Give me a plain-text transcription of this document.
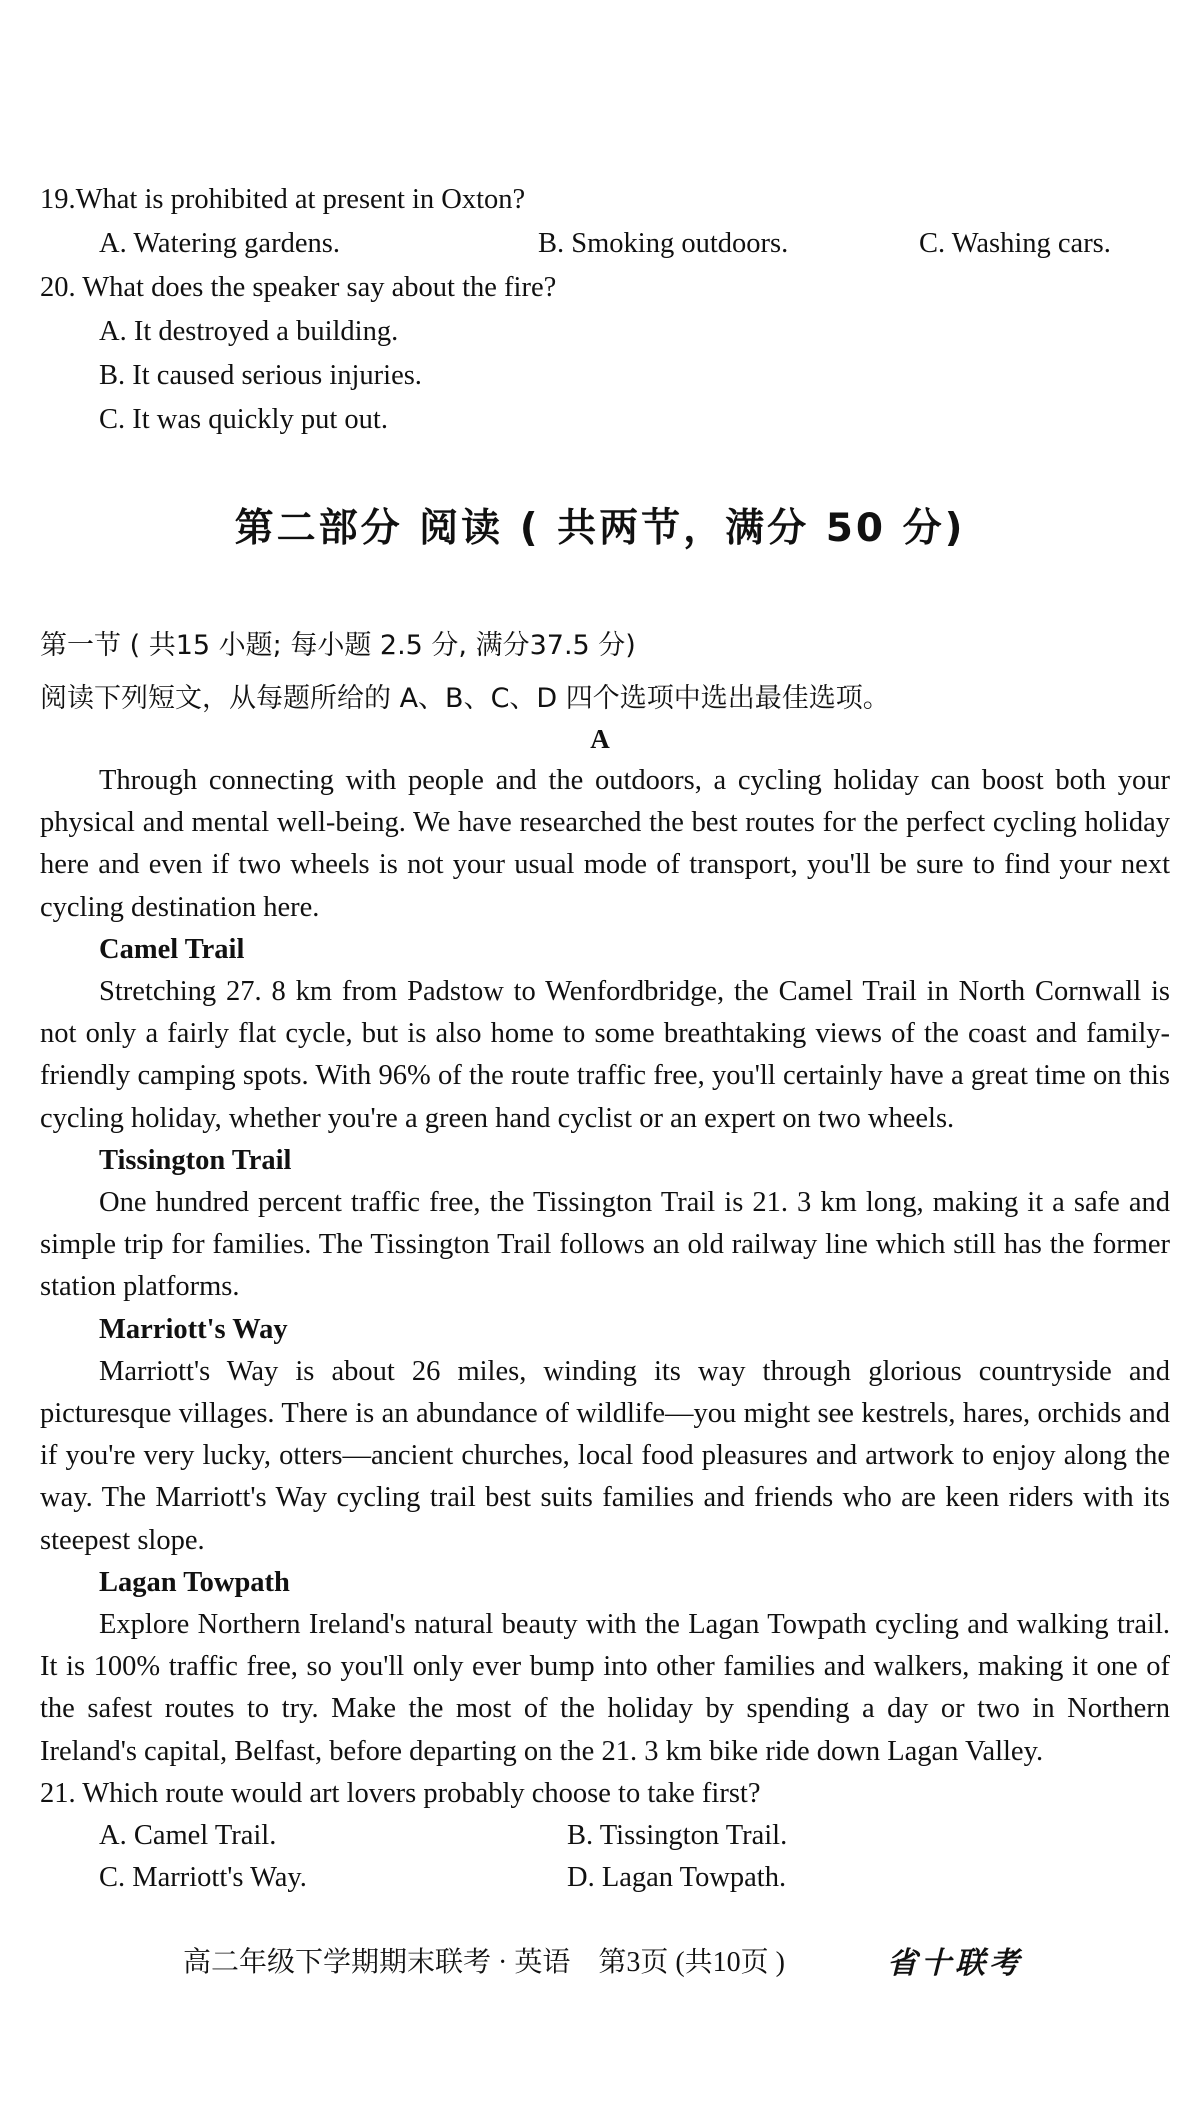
19.What is prohibited at present in Oxton?
A. Watering gardens.	B. Smoking outdoors.	C. Washing cars.
20. What does the speaker say about the fire?
A. It destroyed a building.
B. It caused serious injuries.
C. It was quickly put out.
第二部分 阅读 ( 共两节，满分 50 分)
第一节 ( 共15 小题; 每小题 2.5 分, 满分37.5 分)
阅读下列短文，从每题所给的 A、B、C、D 四个选项中选出最佳选项。
A

Through connecting with people and the outdoors, a cycling holiday can boost both your physical and mental well-being. We have researched the best routes for the perfect cycling holiday here and even if two wheels is not your usual mode of transport, you'll be sure to find your next cycling destination here.

Camel Trail

Stretching 27. 8 km from Padstow to Wenfordbridge, the Camel Trail in North Cornwall is not only a fairly flat cycle, but is also home to some breathtaking views of the coast and family-friendly camping spots. With 96% of the route traffic free, you'll certainly have a great time on this cycling holiday, whether you're a green hand cyclist or an expert on two wheels.

Tissington Trail

One hundred percent traffic free, the Tissington Trail is 21. 3 km long, making it a safe and simple trip for families. The Tissington Trail follows an old railway line which still has the former station platforms.

Marriott's Way

Marriott's Way is about 26 miles, winding its way through glorious countryside and picturesque villages. There is an abundance of wildlife—you might see kestrels, hares, orchids and if you're very lucky, otters—ancient churches, local food pleasures and artwork to enjoy along the way. The Marriott's Way cycling trail best suits families and friends who are keen riders with its steepest slope.

Lagan Towpath

Explore Northern Ireland's natural beauty with the Lagan Towpath cycling and walking trail. It is 100% traffic free, so you'll only ever bump into other families and walkers, making it one of the safest routes to try. Make the most of the holiday by spending a day or two in Northern Ireland's capital, Belfast, before departing on the 21. 3 km bike ride down Lagan Valley.

21. Which route would art lovers probably choose to take first?
A. Camel Trail.	B. Tissington Trail.
C. Marriott's Way.	D. Lagan Towpath.
高二年级下学期期末联考 · 英语　第3页 (共10页 )	省十联考
